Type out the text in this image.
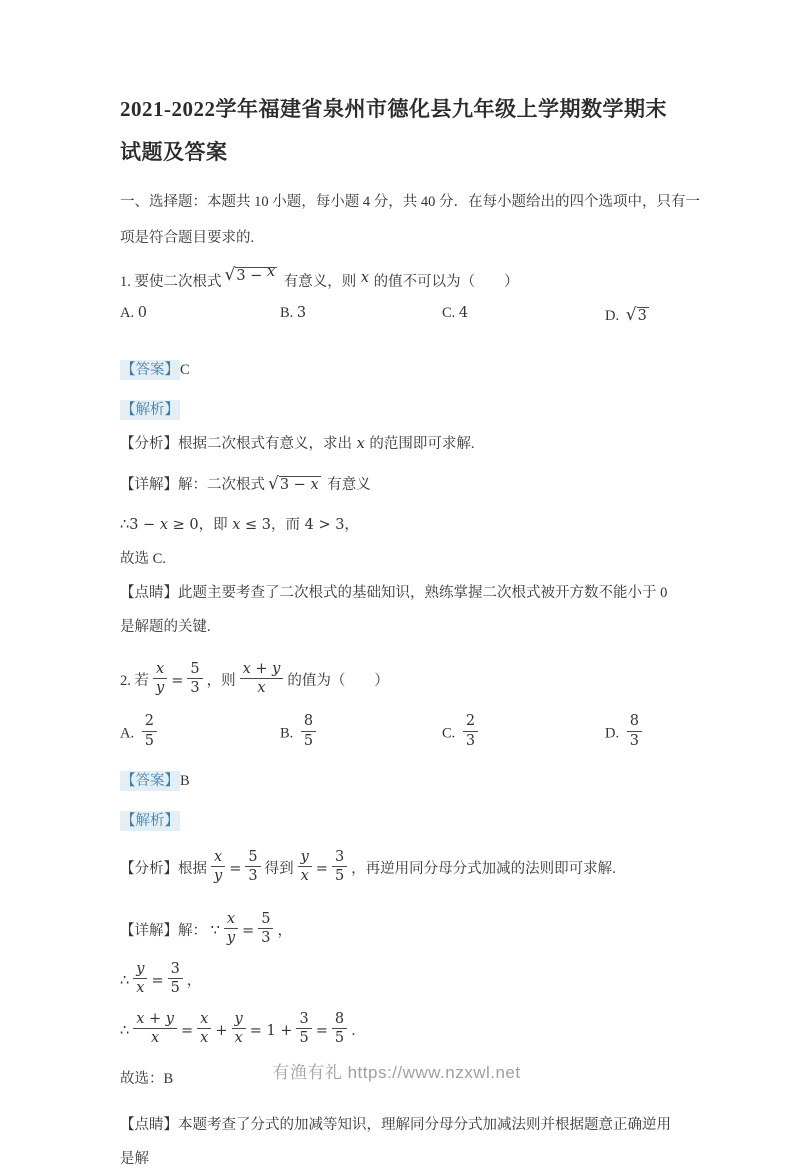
2021-2022学年福建省泉州市德化县九年级上学期数学期末
试题及答案

一、选择题：本题共 10 小题，每小题 4 分，共 40 分．在每小题给出的四个选项中，只有一
项是符合题目要求的.

1. 要使二次根式 √3 − x 有意义，则 x 的值不可以为（　　）
A. 0	B. 3	C. 4	D. √3
【答案】C
【解析】
【分析】根据二次根式有意义，求出 x 的范围即可求解.
【详解】解：二次根式 √3 − x 有意义
∴3 − x ≥ 0，即 x ≤ 3，而 4 > 3，
故选 C.
【点睛】此题主要考查了二次根式的基础知识，熟练掌握二次根式被开方数不能小于 0 是解题的关键.
2. 若 $\frac{x}{y} = \frac{5}{3}$ ，则 $\frac{x + y}{x}$ 的值为（　　）
A. $\frac{2}{5}$	B. $\frac{8}{5}$	C. $\frac{2}{3}$	D. $\frac{8}{3}$
【答案】B
【解析】
【分析】根据 $\frac{x}{y} = \frac{5}{3}$ 得到 $\frac{y}{x} = \frac{3}{5}$ ，再逆用同分母分式加减的法则即可求解.
【详解】解： ∵ $\frac{x}{y} = \frac{5}{3}$ ，
∴ $\frac{y}{x} = \frac{3}{5}$ ，
∴ $\frac{x + y}{x} = \frac{x}{x} + \frac{y}{x} = 1 + \frac{3}{5} = \frac{8}{5}$ ．
故选：B
【点睛】本题考查了分式的加减等知识，理解同分母分式加减法则并根据题意正确逆用是解
有渔有礼 https://www.nzxwl.net
